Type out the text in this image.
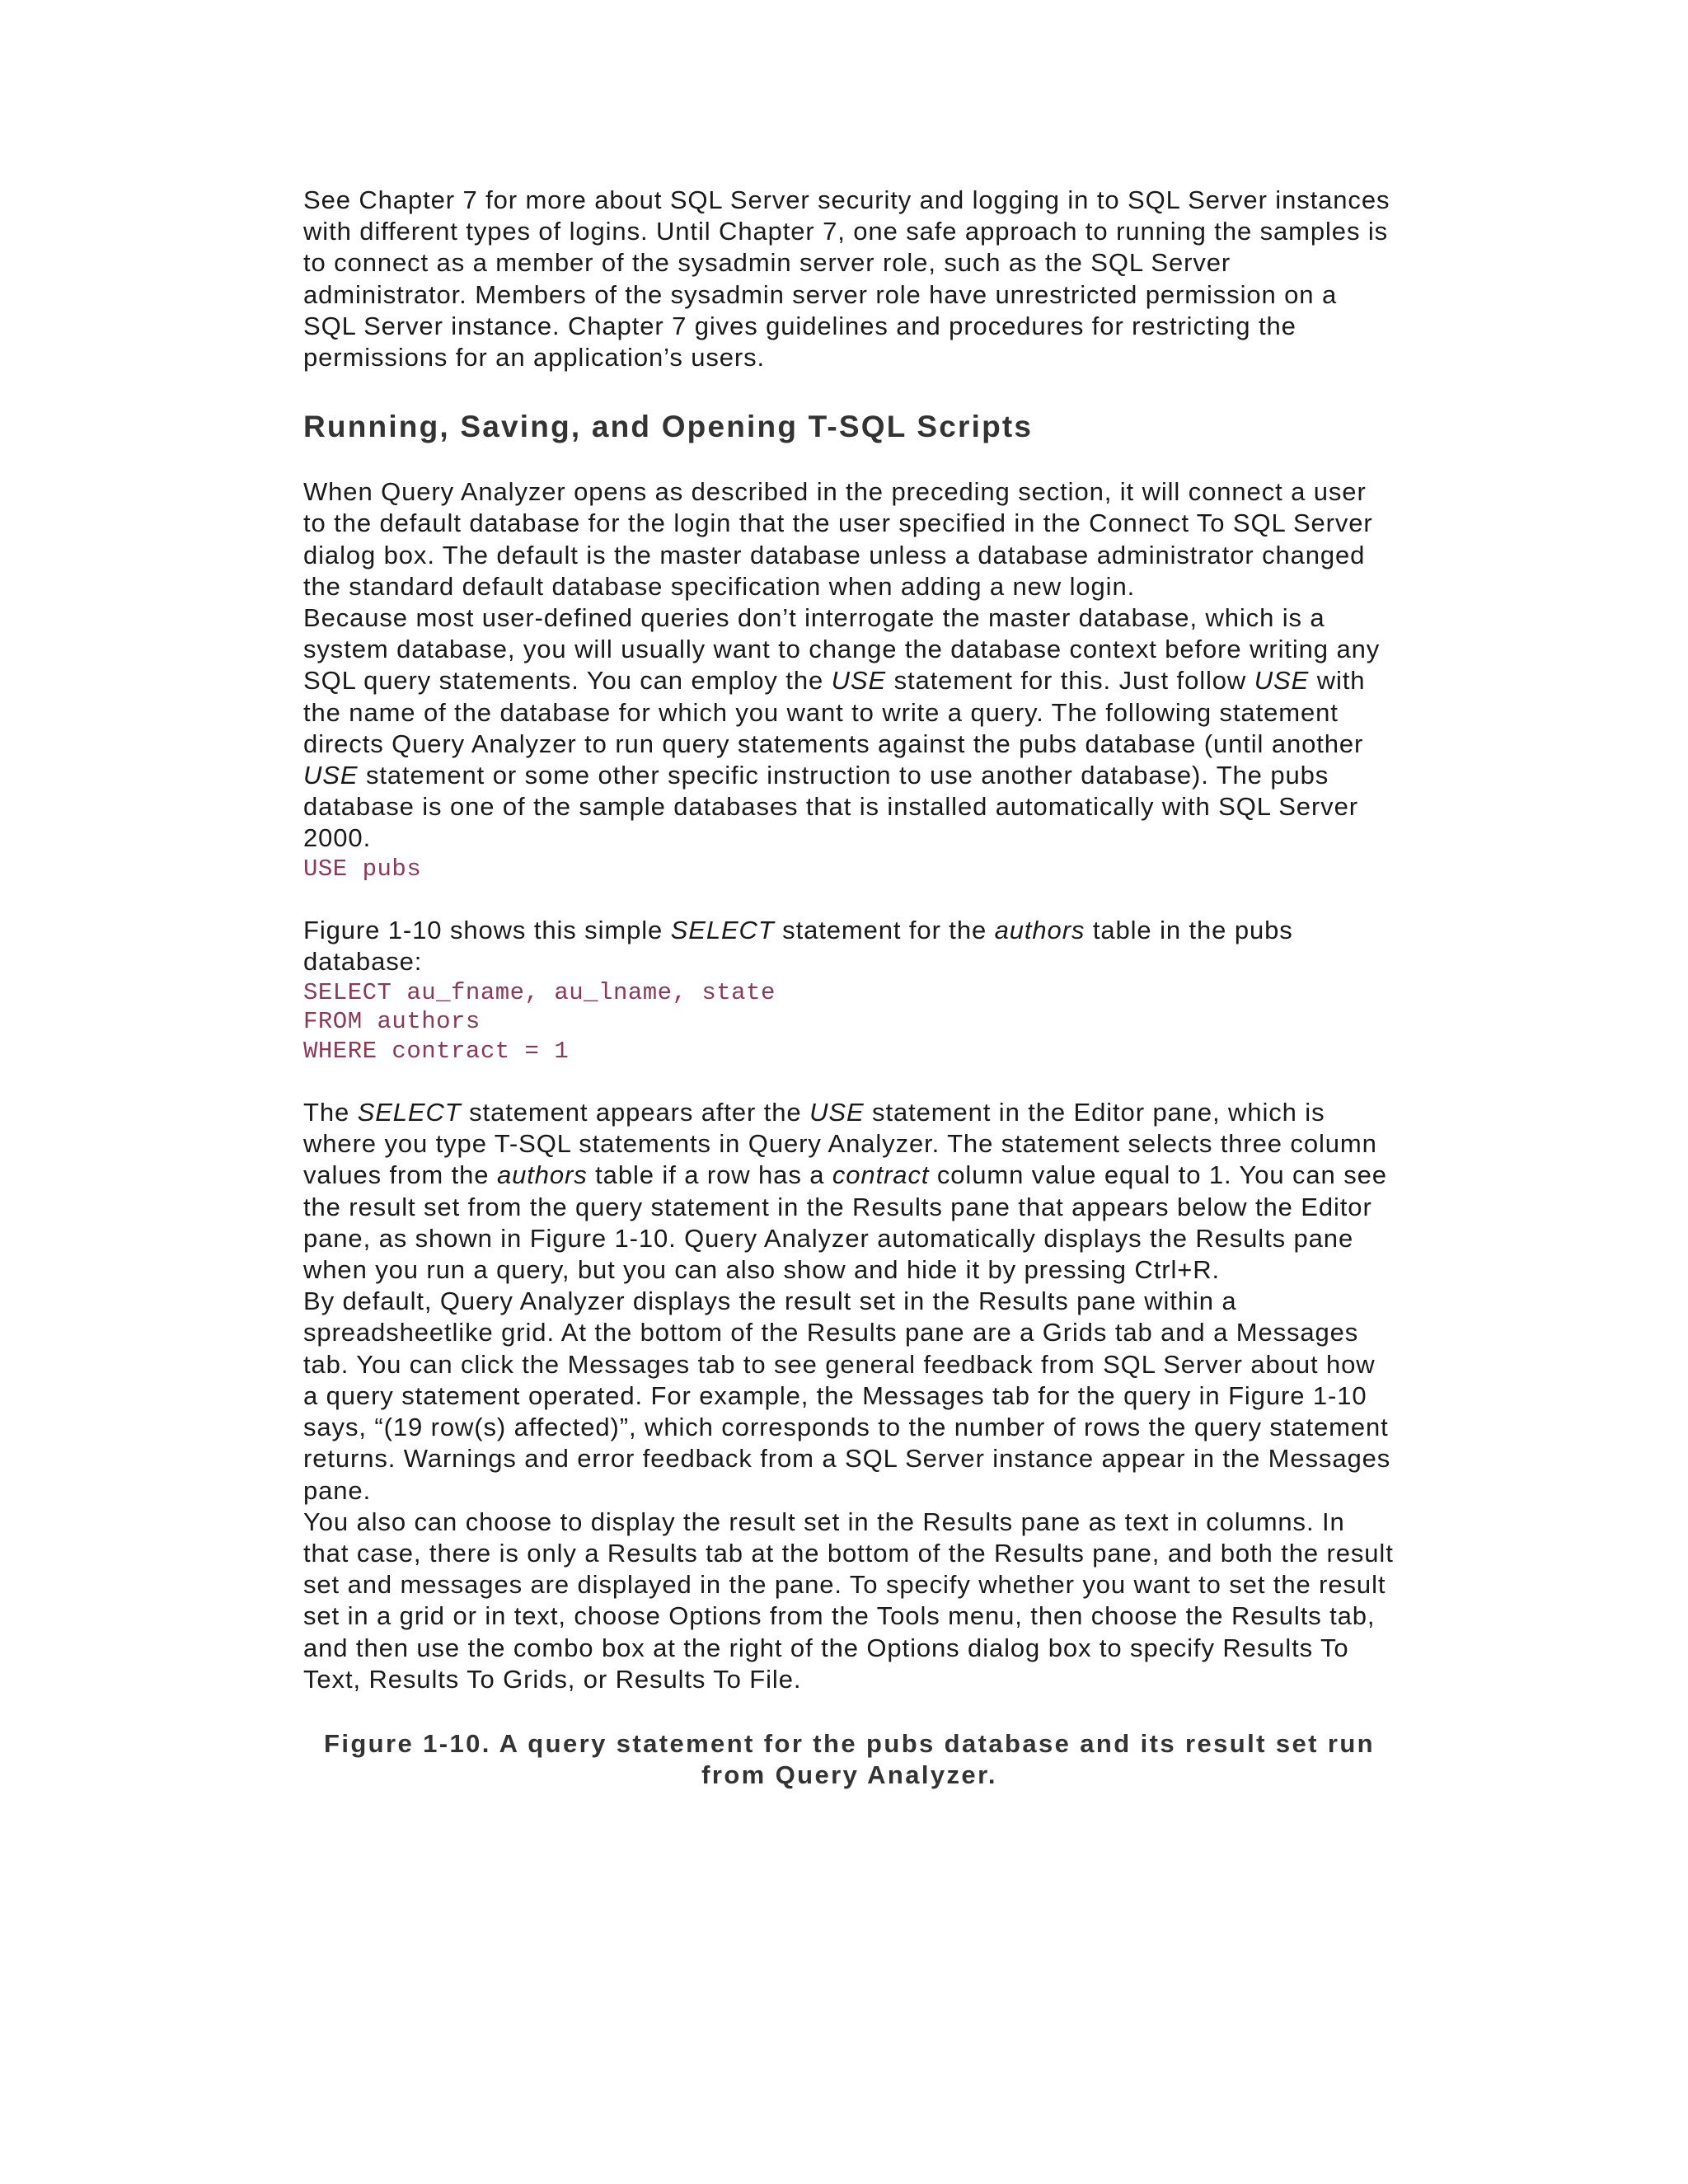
See Chapter 7 for more about SQL Server security and logging in to SQL Server instances with different types of logins. Until Chapter 7, one safe approach to running the samples is to connect as a member of the sysadmin server role, such as the SQL Server administrator. Members of the sysadmin server role have unrestricted permission on a SQL Server instance. Chapter 7 gives guidelines and procedures for restricting the permissions for an application’s users.

Running, Saving, and Opening T-SQL Scripts

When Query Analyzer opens as described in the preceding section, it will connect a user to the default database for the login that the user specified in the Connect To SQL Server dialog box. The default is the master database unless a database administrator changed the standard default database specification when adding a new login.

Because most user-defined queries don’t interrogate the master database, which is a system database, you will usually want to change the database context before writing any SQL query statements. You can employ the USE statement for this. Just follow USE with the name of the database for which you want to write a query. The following statement directs Query Analyzer to run query statements against the pubs database (until another USE statement or some other specific instruction to use another database). The pubs database is one of the sample databases that is installed automatically with SQL Server 2000.

USE pubs

Figure 1-10 shows this simple SELECT statement for the authors table in the pubs database:

SELECT au_fname, au_lname, state

FROM authors

WHERE contract = 1

The SELECT statement appears after the USE statement in the Editor pane, which is where you type T-SQL statements in Query Analyzer. The statement selects three column values from the authors table if a row has a contract column value equal to 1. You can see the result set from the query statement in the Results pane that appears below the Editor pane, as shown in Figure 1-10. Query Analyzer automatically displays the Results pane when you run a query, but you can also show and hide it by pressing Ctrl+R.

By default, Query Analyzer displays the result set in the Results pane within a spreadsheetlike grid. At the bottom of the Results pane are a Grids tab and a Messages tab. You can click the Messages tab to see general feedback from SQL Server about how a query statement operated. For example, the Messages tab for the query in Figure 1-10 says, “(19 row(s) affected)”, which corresponds to the number of rows the query statement returns. Warnings and error feedback from a SQL Server instance appear in the Messages pane.

You also can choose to display the result set in the Results pane as text in columns. In that case, there is only a Results tab at the bottom of the Results pane, and both the result set and messages are displayed in the pane. To specify whether you want to set the result set in a grid or in text, choose Options from the Tools menu, then choose the Results tab, and then use the combo box at the right of the Options dialog box to specify Results To Text, Results To Grids, or Results To File.

Figure 1-10. A query statement for the pubs database and its result set run from Query Analyzer.
